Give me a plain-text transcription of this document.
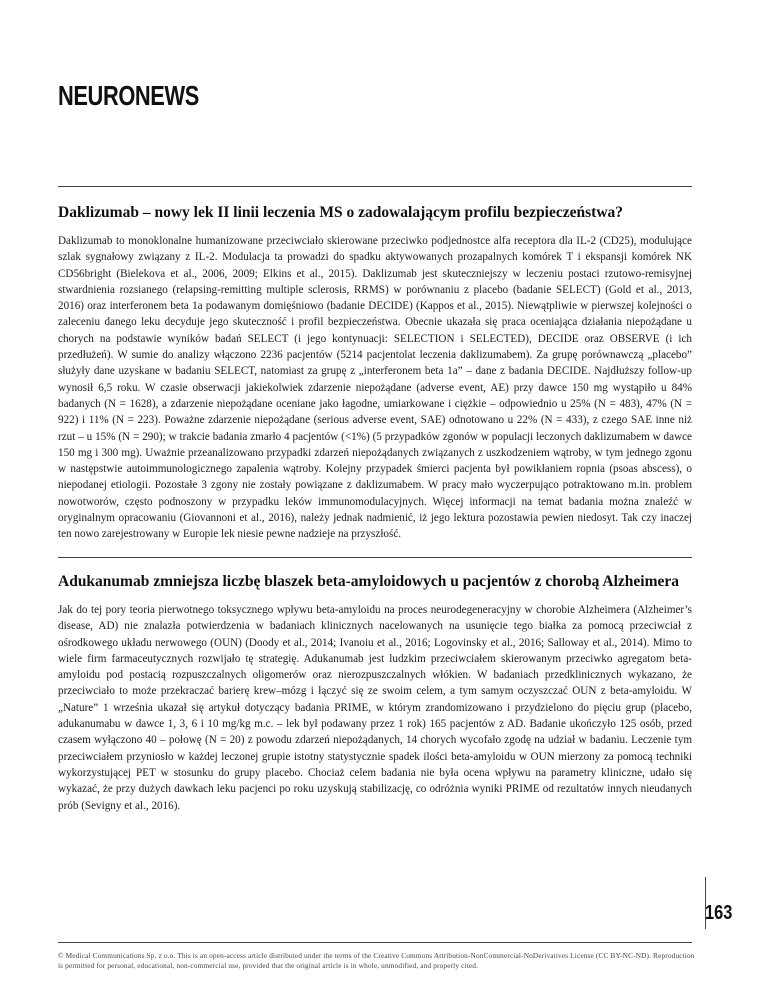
NEURONEWS
Daklizumab – nowy lek II linii leczenia MS o zadowalającym profilu bezpieczeństwa?

Daklizumab to monoklonalne humanizowane przeciwciało skierowane przeciwko podjednostce alfa receptora dla IL-2 (CD25), modulujące szlak sygnałowy związany z IL-2. Modulacja ta prowadzi do spadku aktywowanych prozapalnych komórek T i ekspansji komórek NK CD56bright (Bielekova et al., 2006, 2009; Elkins et al., 2015). Daklizumab jest skuteczniejszy w leczeniu postaci rzutowo-remisyjnej stwardnienia rozsianego (relapsing-remitting multiple sclerosis, RRMS) w porównaniu z placebo (badanie SELECT) (Gold et al., 2013, 2016) oraz interferonem beta 1a podawanym domięśniowo (badanie DECIDE) (Kappos et al., 2015). Niewątpliwie w pierwszej kolejności o zaleceniu danego leku decyduje jego skuteczność i profil bezpieczeństwa. Obecnie ukazała się praca oceniająca działania niepożądane u chorych na podstawie wyników badań SELECT (i jego kontynuacji: SELECTION i SELECTED), DECIDE oraz OBSERVE (i ich przedłużeń). W sumie do analizy włączono 2236 pacjentów (5214 pacjentolat leczenia daklizumabem). Za grupę porównawczą „placebo” służyły dane uzyskane w badaniu SELECT, natomiast za grupę z „interferonem beta 1a” – dane z badania DECIDE. Najdłuższy follow-up wynosił 6,5 roku. W czasie obserwacji jakiekolwiek zdarzenie niepożądane (adverse event, AE) przy dawce 150 mg wystąpiło u 84% badanych (N = 1628), a zdarzenie niepożądane oceniane jako łagodne, umiarkowane i ciężkie – odpowiednio u 25% (N = 483), 47% (N = 922) i 11% (N = 223). Poważne zdarzenie niepożądane (serious adverse event, SAE) odnotowano u 22% (N = 433), z czego SAE inne niż rzut – u 15% (N = 290); w trakcie badania zmarło 4 pacjentów (<1%) (5 przypadków zgonów w populacji leczonych daklizumabem w dawce 150 mg i 300 mg). Uważnie przeanalizowano przypadki zdarzeń niepożądanych związanych z uszkodzeniem wątroby, w tym jednego zgonu w następstwie autoimmunologicznego zapalenia wątroby. Kolejny przypadek śmierci pacjenta był powikłaniem ropnia (psoas abscess), o niepodanej etiologii. Pozostałe 3 zgony nie zostały powiązane z daklizumabem. W pracy mało wyczerpująco potraktowano m.in. problem nowotworów, często podnoszony w przypadku leków immunomodulacyjnych. Więcej informacji na temat badania można znaleźć w oryginalnym opracowaniu (Giovannoni et al., 2016), należy jednak nadmienić, iż jego lektura pozostawia pewien niedosyt. Tak czy inaczej ten nowo zarejestrowany w Europie lek niesie pewne nadzieje na przyszłość.

Adukanumab zmniejsza liczbę blaszek beta-amyloidowych u pacjentów z chorobą Alzheimera

Jak do tej pory teoria pierwotnego toksycznego wpływu beta-amyloidu na proces neurodegeneracyjny w chorobie Alzheimera (Alzheimer’s disease, AD) nie znalazła potwierdzenia w badaniach klinicznych nacelowanych na usunięcie tego białka za pomocą przeciwciał z ośrodkowego układu nerwowego (OUN) (Doody et al., 2014; Ivanoiu et al., 2016; Logovinsky et al., 2016; Salloway et al., 2014). Mimo to wiele firm farmaceutycznych rozwijało tę strategię. Adukanumab jest ludzkim przeciwciałem skierowanym przeciwko agregatom beta-amyloidu pod postacią rozpuszczalnych oligomerów oraz nierozpuszczalnych włókien. W badaniach przedklinicznych wykazano, że przeciwciało to może przekraczać barierę krew–mózg i łączyć się ze swoim celem, a tym samym oczyszczać OUN z beta-amyloidu. W „Nature” 1 września ukazał się artykuł dotyczący badania PRIME, w którym zrandomizowano i przydzielono do pięciu grup (placebo, adukanumabu w dawce 1, 3, 6 i 10 mg/kg m.c. – lek był podawany przez 1 rok) 165 pacjentów z AD. Badanie ukończyło 125 osób, przed czasem wyłączono 40 – połowę (N = 20) z powodu zdarzeń niepożądanych, 14 chorych wycofało zgodę na udział w badaniu. Leczenie tym przeciwciałem przyniosło w każdej leczonej grupie istotny statystycznie spadek ilości beta-amyloidu w OUN mierzony za pomocą techniki wykorzystującej PET w stosunku do grupy placebo. Chociaż celem badania nie była ocena wpływu na parametry kliniczne, udało się wykazać, że przy dużych dawkach leku pacjenci po roku uzyskują stabilizację, co odróżnia wyniki PRIME od rezultatów innych nieudanych prób (Sevigny et al., 2016).

163
© Medical Communications Sp. z o.o. This is an open-access article distributed under the terms of the Creative Commons Attribution-NonCommercial-NoDerivatives License (CC BY-NC-ND). Reproduction is permitted for personal, educational, non-commercial use, provided that the original article is in whole, unmodified, and properly cited.
